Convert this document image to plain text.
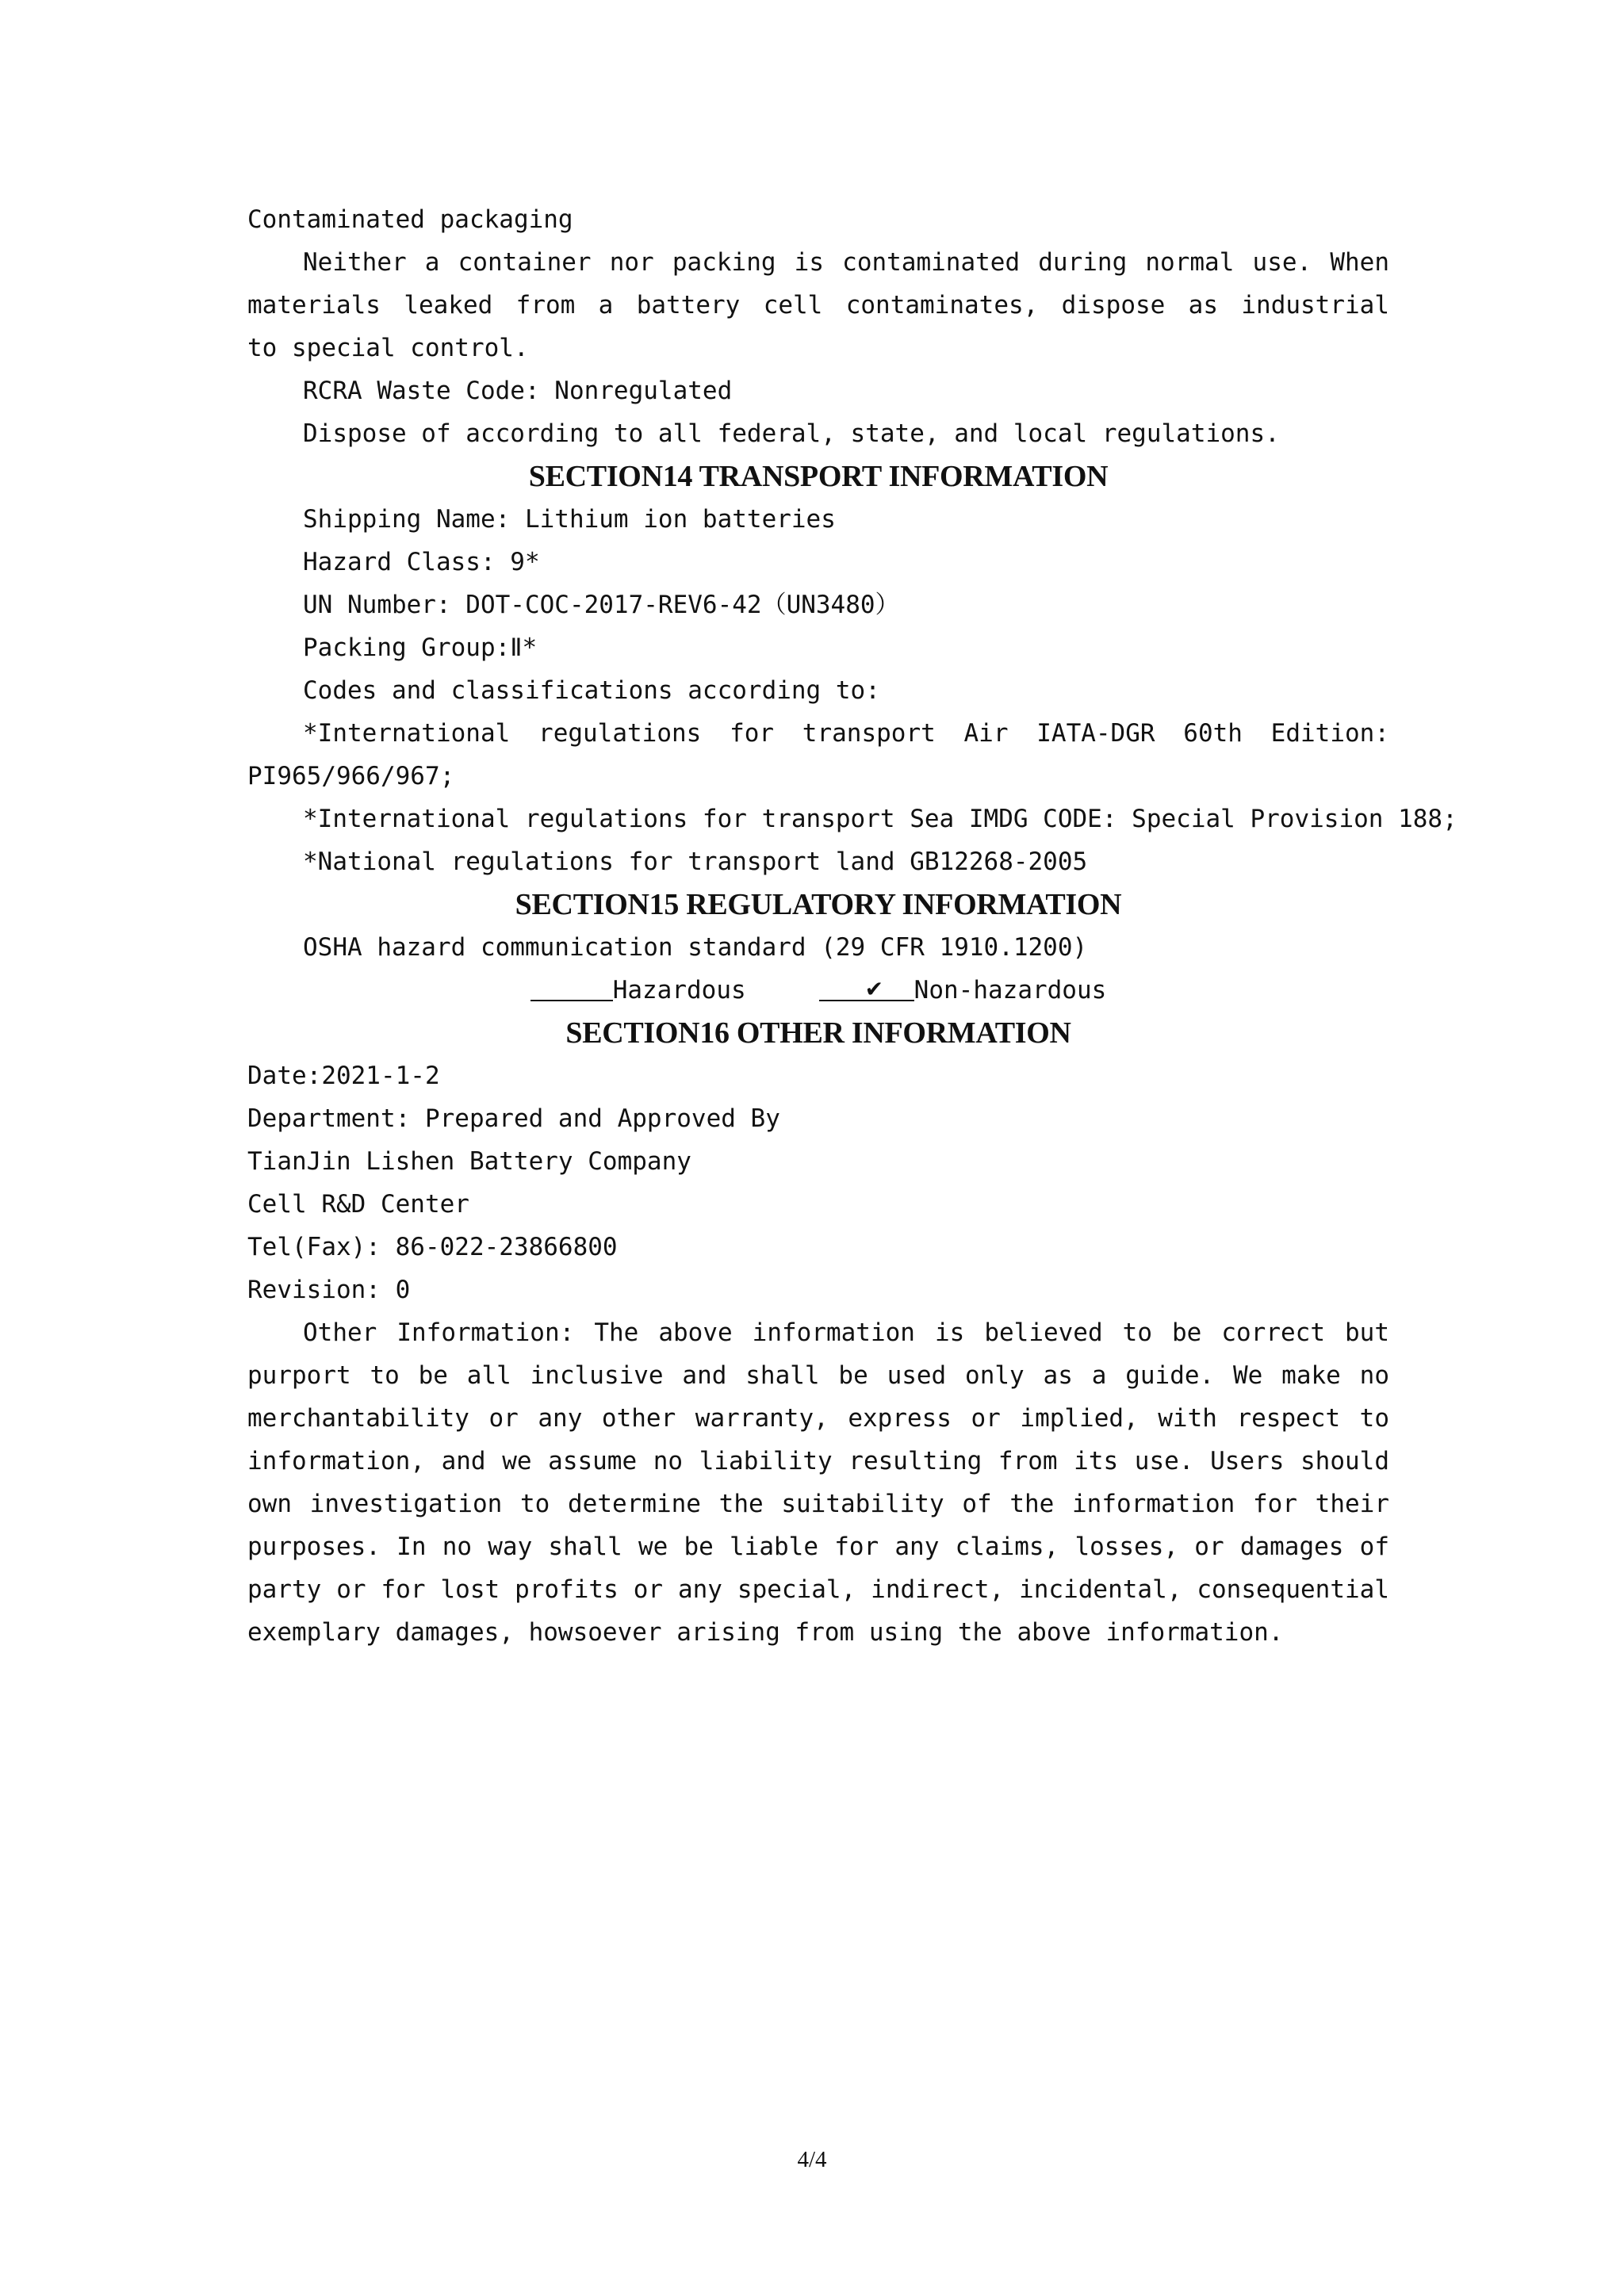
Contaminated packaging
Neither a container nor packing is contaminated during normal use. When
materials leaked from a battery cell contaminates, dispose as industrial
to special control.
RCRA Waste Code: Nonregulated
Dispose of according to all federal, state, and local regulations.
SECTION14 TRANSPORT INFORMATION
Shipping Name: Lithium ion batteries
Hazard Class: 9*
UN Number: DOT-COC-2017-REV6-42（UN3480）
Packing Group:Ⅱ*
Codes and classifications according to:
*International regulations for transport Air IATA-DGR 60th Edition:
PI965/966/967;
*International regulations for transport Sea IMDG CODE: Special Provision 188;
*National regulations for transport land GB12268-2005
SECTION15 REGULATORY INFORMATION
OSHA hazard communication standard (29 CFR 1910.1200)
Hazardous	✔ Non-hazardous
SECTION16 OTHER INFORMATION
Date:2021-1-2
Department: Prepared and Approved By
TianJin Lishen Battery Company
Cell R&D Center
Tel(Fax): 86-022-23866800
Revision: 0
Other Information: The above information is believed to be correct but
purport to be all inclusive and shall be used only as a guide. We make no
merchantability or any other warranty, express or implied, with respect to
information, and we assume no liability resulting from its use. Users should
own investigation to determine the suitability of the information for their
purposes. In no way shall we be liable for any claims, losses, or damages of
party or for lost profits or any special, indirect, incidental, consequential
exemplary damages, howsoever arising from using the above information.
4/4
